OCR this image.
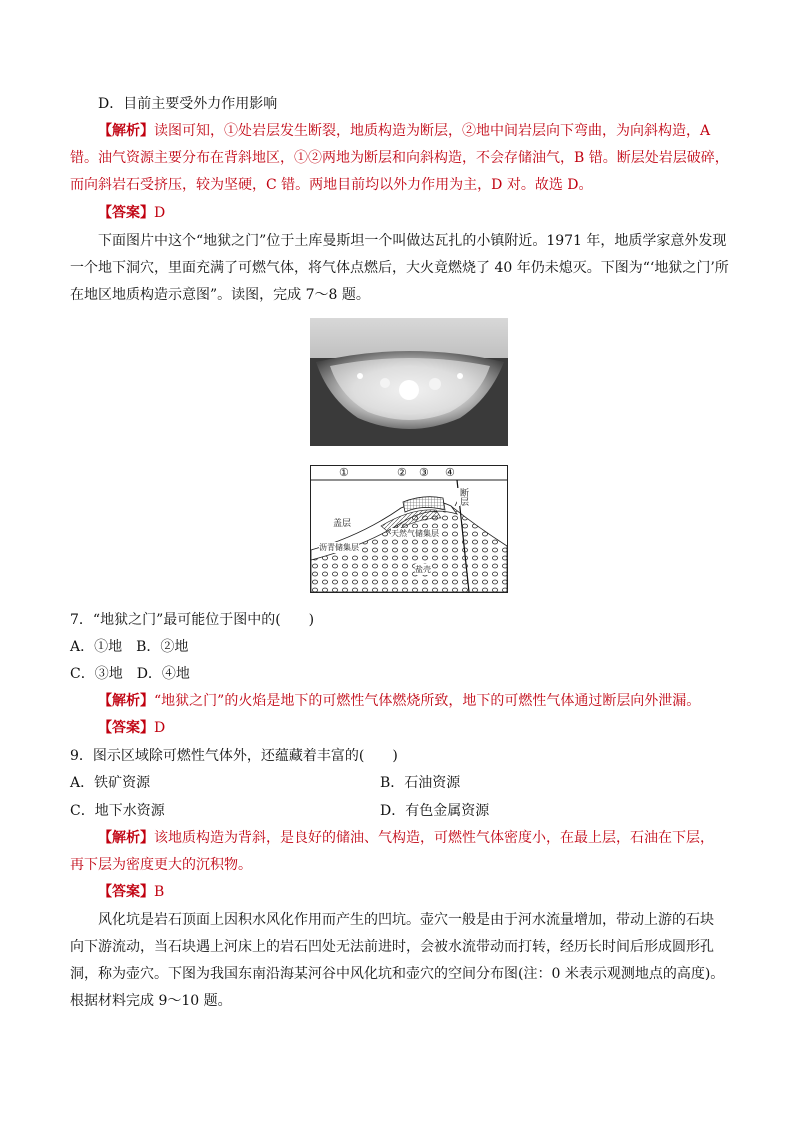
D．目前主要受外力作用影响
【解析】读图可知，①处岩层发生断裂，地质构造为断层，②地中间岩层向下弯曲，为向斜构造，A
错。油气资源主要分布在背斜地区，①②两地为断层和向斜构造，不会存储油气，B 错。断层处岩层破碎，
而向斜岩石受挤压，较为坚硬，C 错。两地目前均以外力作用为主，D 对。故选 D。
【答案】D
下面图片中这个“地狱之门”位于土库曼斯坦一个叫做达瓦扎的小镇附近。1971 年，地质学家意外发现
一个地下洞穴，里面充满了可燃气体，将气体点燃后，大火竟燃烧了 40 年仍未熄灭。下图为“‘地狱之门’所
在地区地质构造示意图”。读图，完成 7～8 题。
①	② ③ ④
断层
盖层
沥青储集层
天然气储集层
盐壳
7．“地狱之门”最可能位于图中的(　　)
A．①地　B．②地
C．③地　D．④地
【解析】“地狱之门”的火焰是地下的可燃性气体燃烧所致，地下的可燃性气体通过断层向外泄漏。
【答案】D
9．图示区域除可燃性气体外，还蕴藏着丰富的(　　)
A．铁矿资源	B．石油资源
C．地下水资源	D．有色金属资源
【解析】该地质构造为背斜，是良好的储油、气构造，可燃性气体密度小，在最上层，石油在下层，
再下层为密度更大的沉积物。
【答案】B
风化坑是岩石顶面上因积水风化作用而产生的凹坑。壶穴一般是由于河水流量增加，带动上游的石块
向下游流动，当石块遇上河床上的岩石凹处无法前进时，会被水流带动而打转，经历长时间后形成圆形孔
洞，称为壶穴。下图为我国东南沿海某河谷中风化坑和壶穴的空间分布图(注：0 米表示观测地点的高度)。
根据材料完成 9～10 题。
